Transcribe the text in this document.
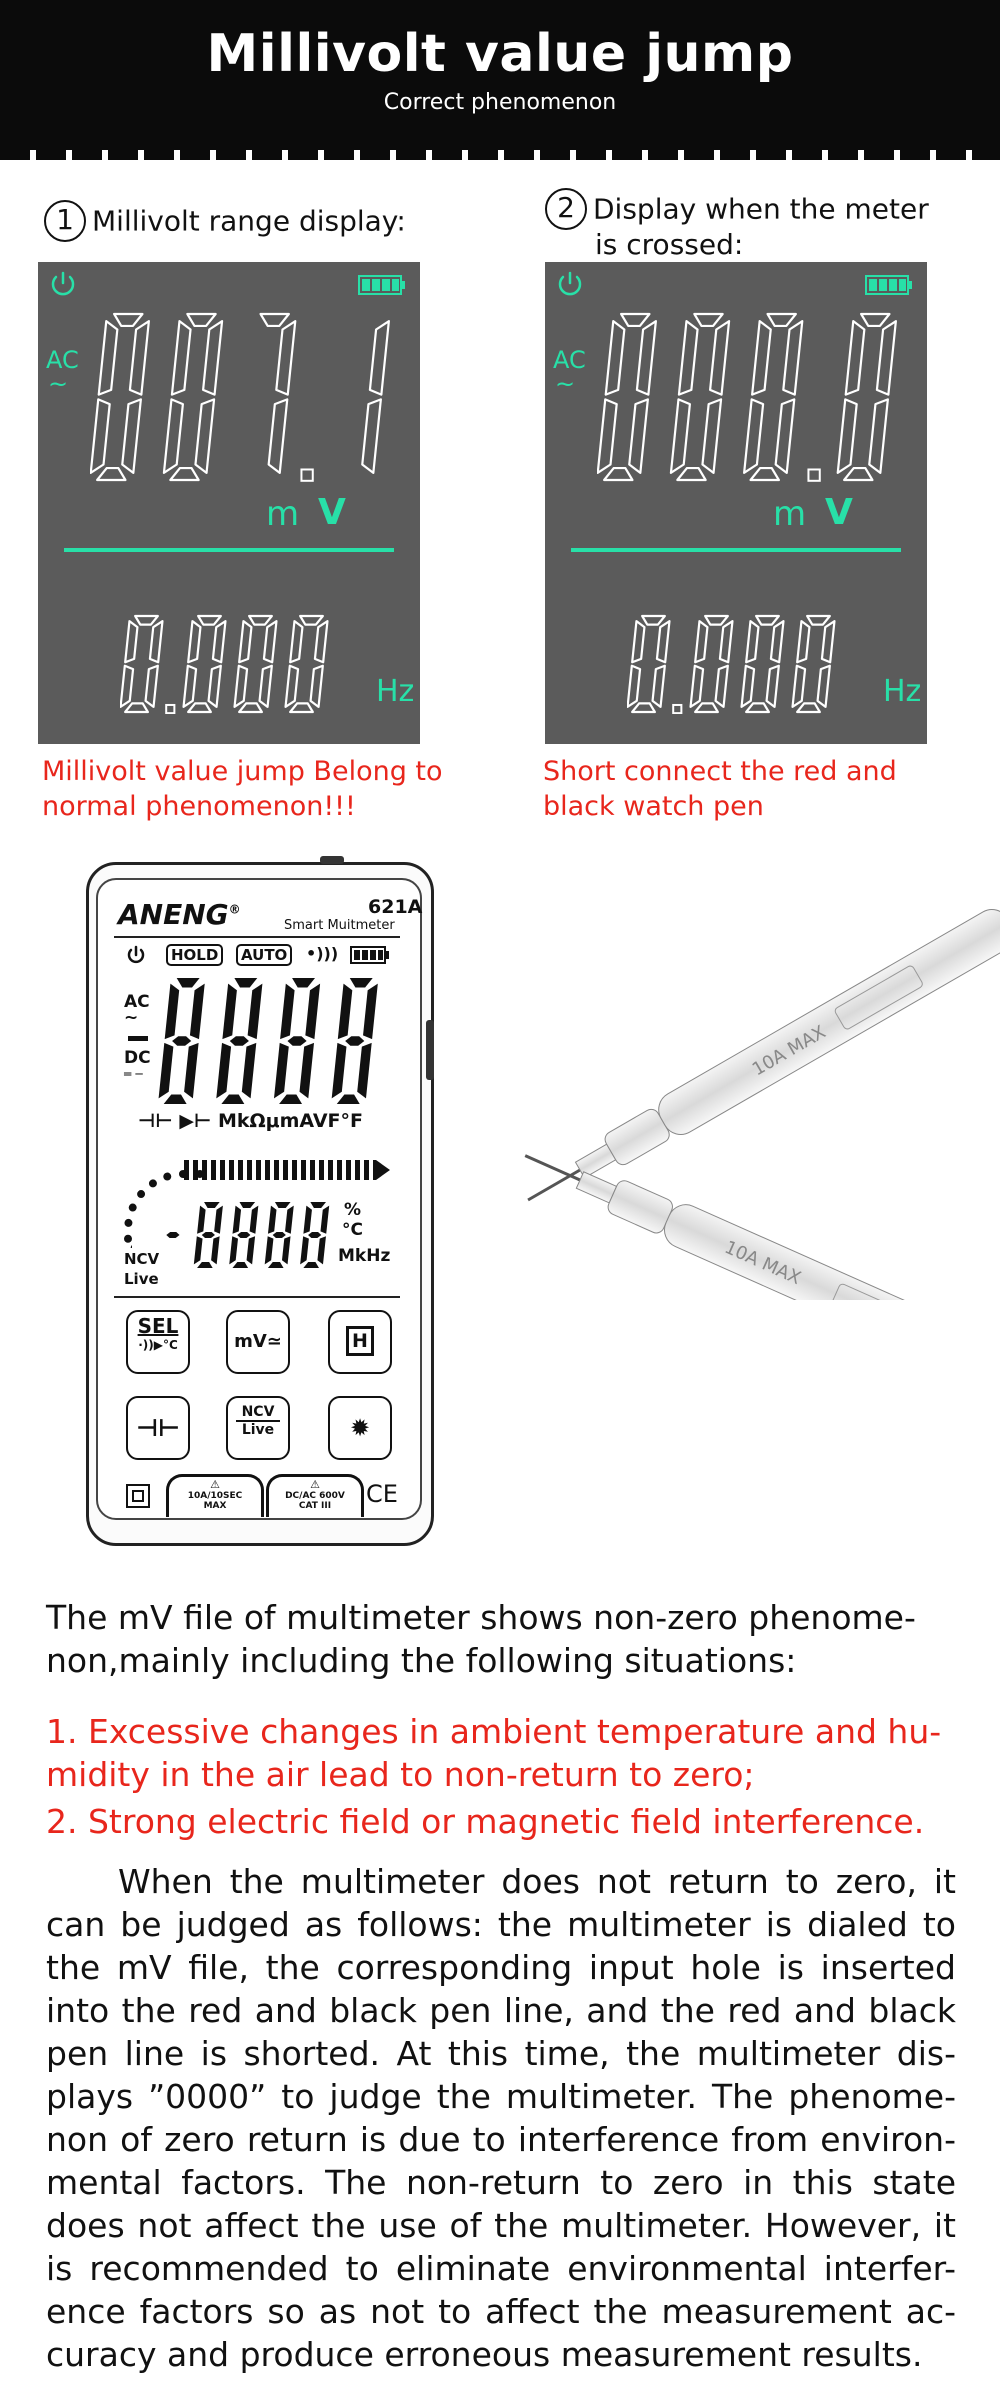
Millivolt value jump
Correct phenomenon
1 Millivolt range display:	2 Display when the meter
is crossed:
AC
~
m V
Hz
AC
~
m V
Hz
Millivolt value jump Belong to
normal phenomenon!!!
Short connect the red and
black watch pen
ANENG®	621A
Smart Muitmeter
HOLD	AUTO	•)))
AC
~
DC
═ ─
⊣⊢ ▶⊢ MkΩμmAVF°F
%
°C
MkHz
NCV
Live
SEL
·))▶°C	mV≃	H
⊣⊢
NCV
Live	✹
⚠
10A/10SEC
MAX
⚠
DC/AC 600V
CAT III	CE
10A MAX
10A MAX
The mV file of multimeter shows non-zero phenome-
non,mainly including the following situations:
1. Excessive changes in ambient temperature and hu-
midity in the air lead to non-return to zero;
2. Strong electric field or magnetic field interference.
When the multimeter does not return to zero, it
can be judged as follows: the multimeter is dialed to
the mV file, the corresponding input hole is inserted
into the red and black pen line, and the red and black
pen line is shorted. At this time, the multimeter dis-
plays ”0000” to judge the multimeter. The phenome-
non of zero return is due to interference from environ-
mental factors. The non-return to zero in this state
does not affect the use of the multimeter. However, it
is recommended to eliminate environmental interfer-
ence factors so as not to affect the measurement ac-
curacy and produce erroneous measurement results.
